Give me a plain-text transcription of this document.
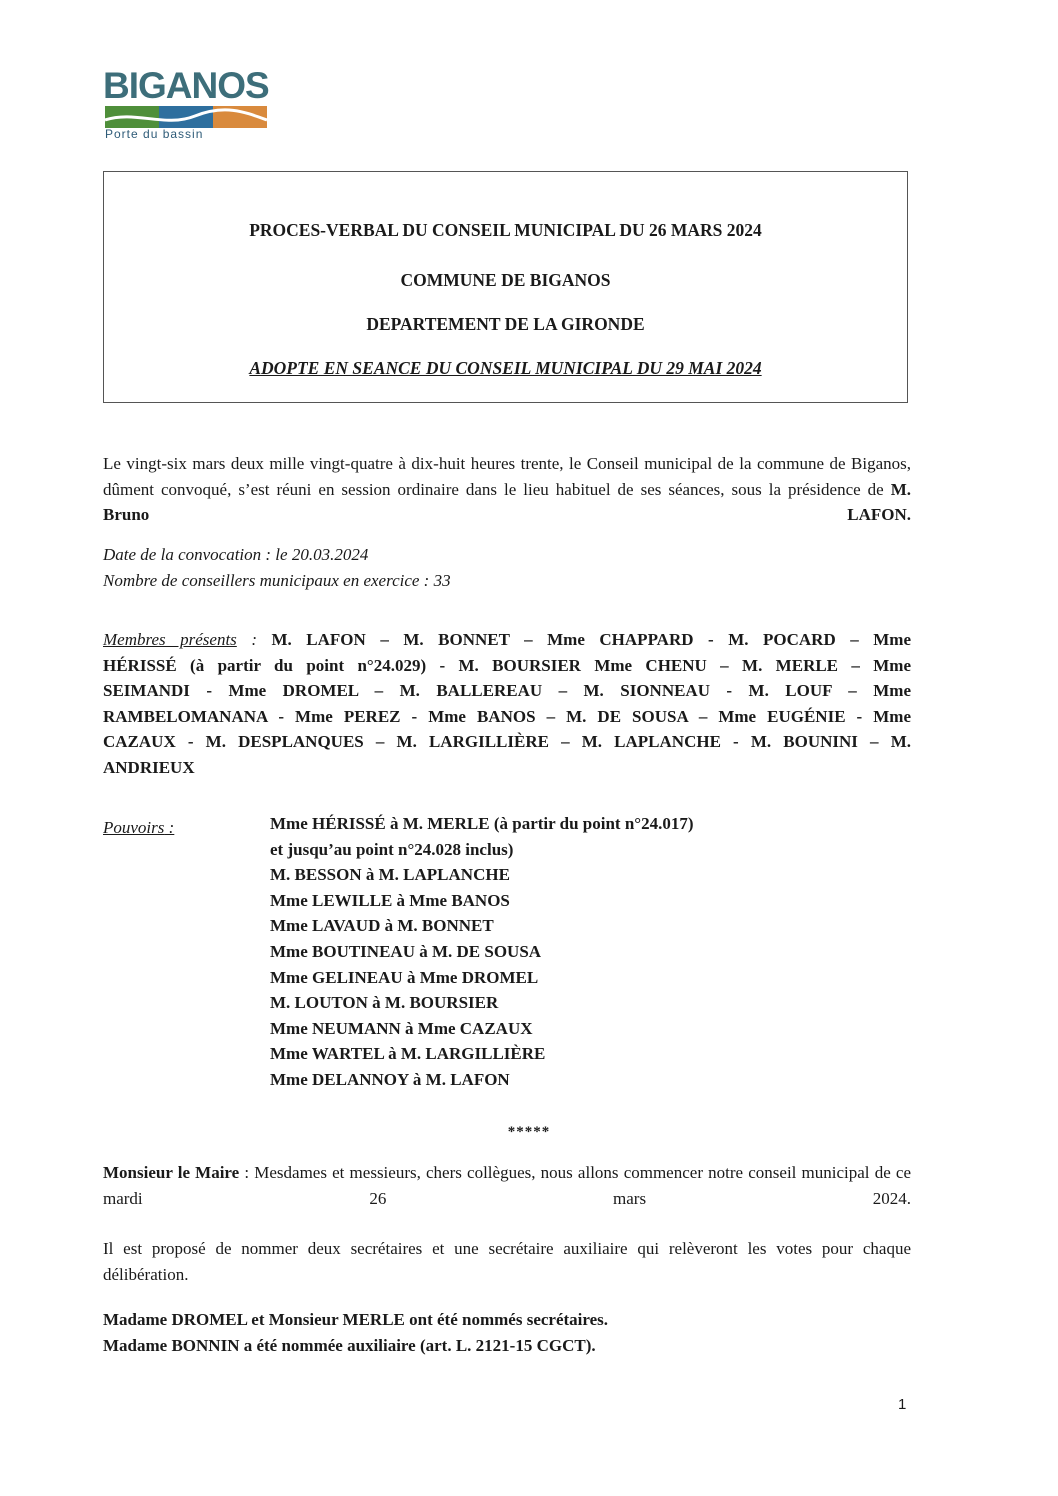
BIGANOS
Porte du bassin
PROCES-VERBAL DU CONSEIL MUNICIPAL DU 26 MARS 2024
COMMUNE DE BIGANOS
DEPARTEMENT DE LA GIRONDE
ADOPTE EN SEANCE DU CONSEIL MUNICIPAL DU 29 MAI 2024
Le vingt-six mars deux mille vingt-quatre à dix-huit heures trente, le Conseil municipal de la commune de Biganos, dûment convoqué, s’est réuni en session ordinaire dans le lieu habituel de ses séances, sous la présidence de M. Bruno LAFON.
Date de la convocation : le 20.03.2024
Nombre de conseillers municipaux en exercice : 33
Membres présents : M. LAFON – M. BONNET – Mme CHAPPARD - M. POCARD – Mme
HÉRISSÉ (à partir du point n°24.029) - M. BOURSIER Mme CHENU – M. MERLE – Mme
SEIMANDI - Mme DROMEL – M. BALLEREAU – M. SIONNEAU - M. LOUF – Mme
RAMBELOMANANA - Mme PEREZ - Mme BANOS – M. DE SOUSA – Mme EUGÉNIE - Mme
CAZAUX - M. DESPLANQUES – M. LARGILLIÈRE – M. LAPLANCHE - M. BOUNINI – M.
ANDRIEUX
Pouvoirs :	Mme HÉRISSÉ à M. MERLE (à partir du point n°24.017)
et jusqu’au point n°24.028 inclus)
M. BESSON à M. LAPLANCHE
Mme LEWILLE à Mme BANOS
Mme LAVAUD à M. BONNET
Mme BOUTINEAU à M. DE SOUSA
Mme GELINEAU à Mme DROMEL
M. LOUTON à M. BOURSIER
Mme NEUMANN à Mme CAZAUX
Mme WARTEL à M. LARGILLIÈRE
Mme DELANNOY à M. LAFON
*****
Monsieur le Maire : Mesdames et messieurs, chers collègues, nous allons commencer notre conseil municipal de ce mardi 26 mars 2024.
Il est proposé de nommer deux secrétaires et une secrétaire auxiliaire qui relèveront les votes pour chaque délibération.
Madame DROMEL et Monsieur MERLE ont été nommés secrétaires.
Madame BONNIN a été nommée auxiliaire (art. L. 2121-15 CGCT).
1
